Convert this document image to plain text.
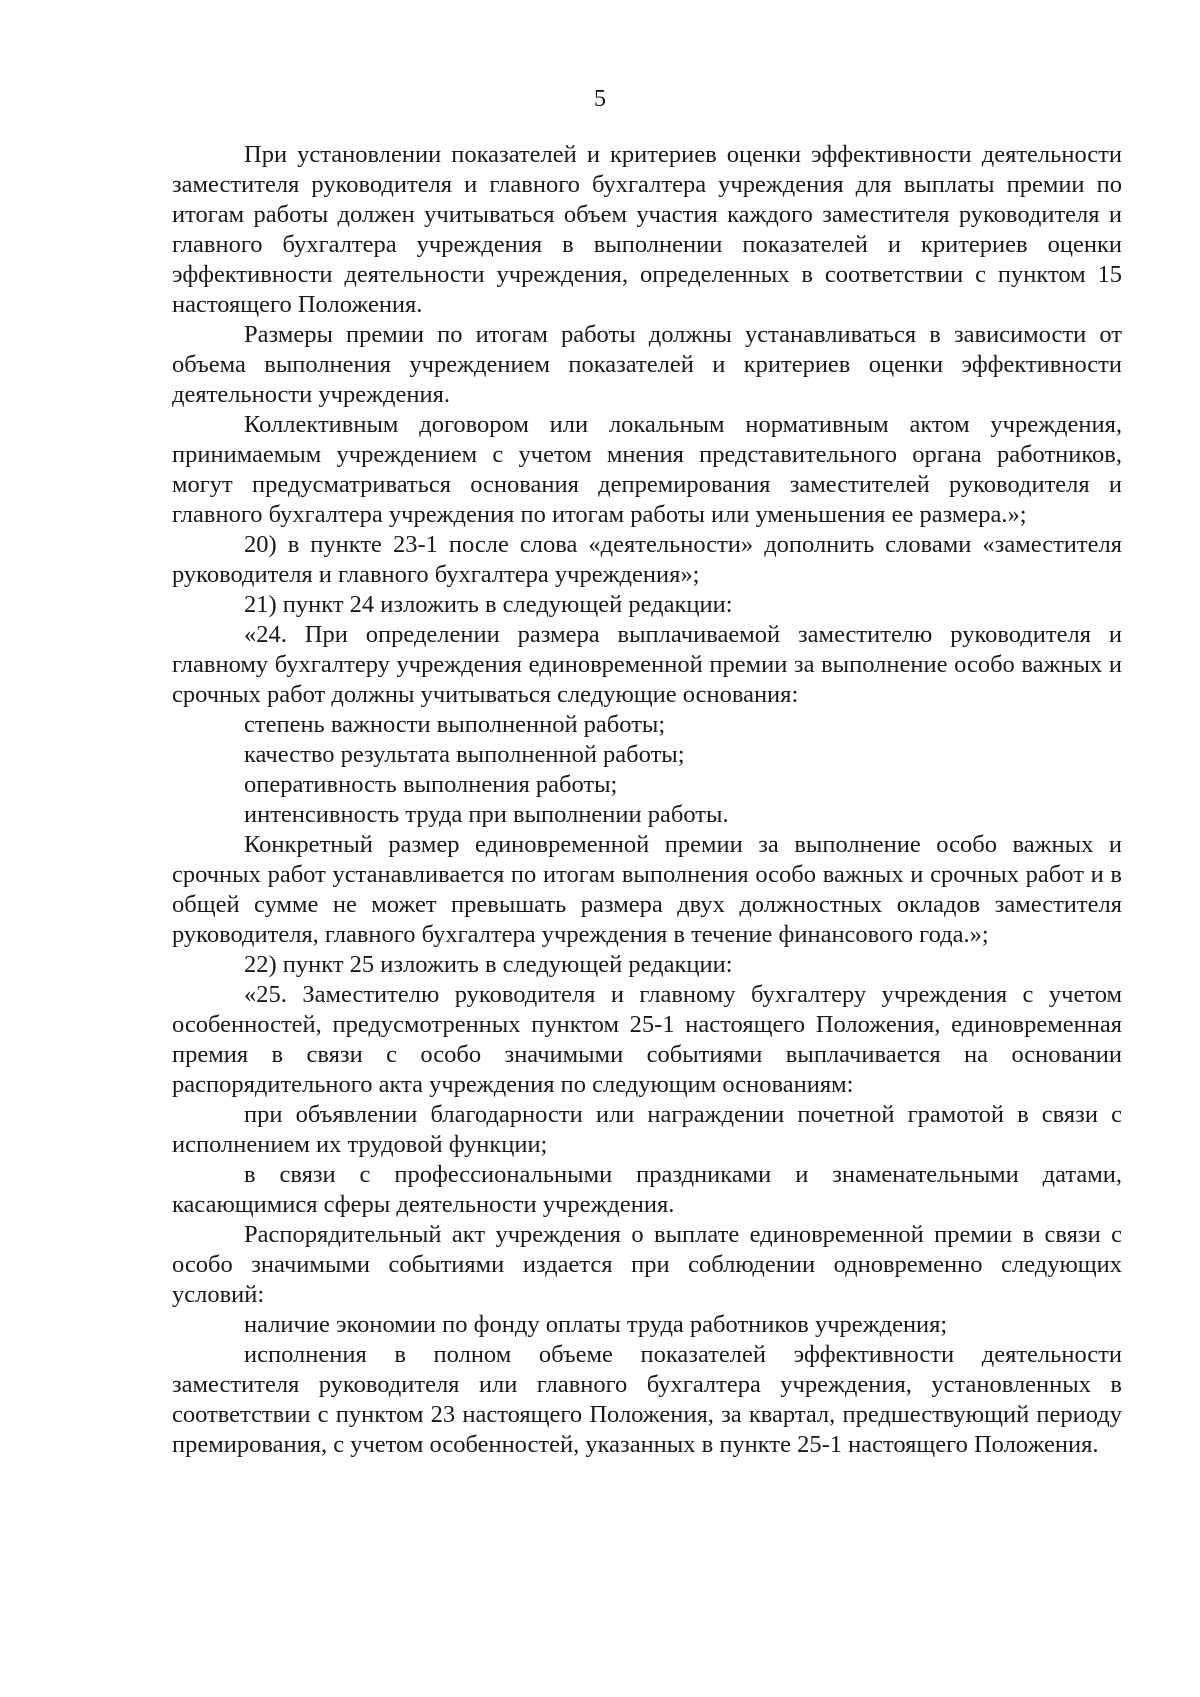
5

При установлении показателей и критериев оценки эффективности деятельности заместителя руководителя и главного бухгалтера учреждения для выплаты премии по итогам работы должен учитываться объем участия каждого заместителя руководителя и главного бухгалтера учреждения в выполнении показателей и критериев оценки эффективности деятельности учреждения, определенных в соответствии с пунктом 15 настоящего Положения.

Размеры премии по итогам работы должны устанавливаться в зависимости от объема выполнения учреждением показателей и критериев оценки эффективности деятельности учреждения.

Коллективным договором или локальным нормативным актом учреждения, принимаемым учреждением с учетом мнения представительного органа работников, могут предусматриваться основания депремирования заместителей руководителя и главного бухгалтера учреждения по итогам работы или уменьшения ее размера.»;

20) в пункте 23-1 после слова «деятельности» дополнить словами «заместителя руководителя и главного бухгалтера учреждения»;

21) пункт 24 изложить в следующей редакции:

«24. При определении размера выплачиваемой заместителю руководителя и главному бухгалтеру учреждения единовременной премии за выполнение особо важных и срочных работ должны учитываться следующие основания:

степень важности выполненной работы;

качество результата выполненной работы;

оперативность выполнения работы;

интенсивность труда при выполнении работы.

Конкретный размер единовременной премии за выполнение особо важных и срочных работ устанавливается по итогам выполнения особо важных и срочных работ и в общей сумме не может превышать размера двух должностных окладов заместителя руководителя, главного бухгалтера учреждения в течение финансового года.»;

22) пункт 25 изложить в следующей редакции:

«25. Заместителю руководителя и главному бухгалтеру учреждения с учетом особенностей, предусмотренных пунктом 25-1 настоящего Положения, единовременная премия в связи с особо значимыми событиями выплачивается на основании распорядительного акта учреждения по следующим основаниям:

при объявлении благодарности или награждении почетной грамотой в связи с исполнением их трудовой функции;

в связи с профессиональными праздниками и знаменательными датами, касающимися сферы деятельности учреждения.

Распорядительный акт учреждения о выплате единовременной премии в связи с особо значимыми событиями издается при соблюдении одновременно следующих условий:

наличие экономии по фонду оплаты труда работников учреждения;

исполнения в полном объеме показателей эффективности деятельности заместителя руководителя или главного бухгалтера учреждения, установленных в соответствии с пунктом 23 настоящего Положения, за квартал, предшествующий периоду премирования, с учетом особенностей, указанных в пункте 25-1 настоящего Положения.
